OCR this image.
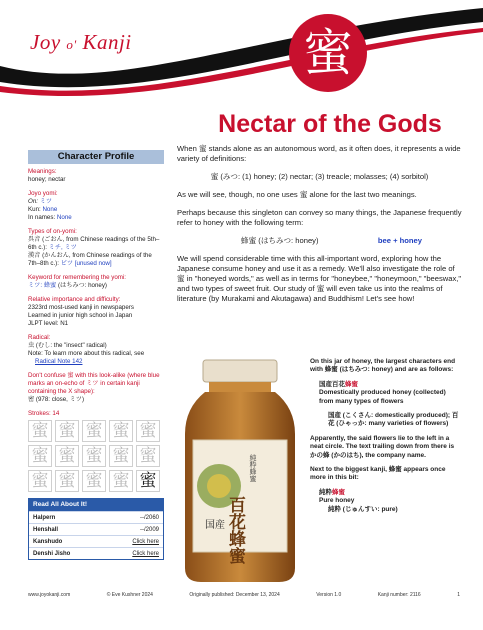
Joy o' Kanji	蜜
Nectar of the Gods
Character Profile
Meanings:
honey; nectar
Joyo yomi:
On: ミツ
Kun: None
In names: None
Types of on-yomi:
呉音 (ごおん, from Chinese readings of the 5th–6th c.): ミチ, ミツ
漢音 (かんおん, from Chinese readings of the 7th–8th c.): ビツ [unused now]
Keyword for remembering the yomi:
ミツ: 蜂蜜 (はちみつ: honey)
Relative importance and difficulty:
2323rd most-used kanji in newspapers
Learned in junior high school in Japan
JLPT level: N1
Radical:
虫 (むし: the "insect" radical)
Note: To learn more about this radical, see
Radical Note 142
Don't confuse 蜜 with this look-alike (where blue marks an on-echo of ミツ in certain kanji containing the X shape):
密 (978: close, ミツ)
Strokes: 14
蜜 蜜 蜜 蜜 蜜
蜜 蜜 蜜 蜜 蜜
蜜 蜜 蜜 蜜 蜜
Read All About It!
Halpern	--/2060
Henshall	--/2009
Kanshudo	Click here
Denshi Jisho	Click here

When 蜜 stands alone as an autonomous word, as it often does, it represents a wide variety of definitions:

蜜 (みつ: (1) honey; (2) nectar; (3) treacle; molasses; (4) sorbitol)

As we will see, though, no one uses 蜜 alone for the last two meanings.

Perhaps because this singleton can convey so many things, the Japanese frequently refer to honey with the following term:

蜂蜜 (はちみつ: honey)	bee + honey

We will spend considerable time with this all-important word, exploring how the Japanese consume honey and use it as a remedy. We'll also investigate the role of 蜜 in "honeyed words," as well as in terms for "honeybee," "honeymoon," "beeswax," and two types of sweet fruit. Our study of 蜜 will even take us into the realms of literature (by Murakami and Akutagawa) and Buddhism! Let's see how!

純粋蜂蜜
国産 百花蜂蜜

On this jar of honey, the largest characters end with 蜂蜜 (はちみつ: honey) and are as follows:

国産百花蜂蜜

Domestically produced honey (collected) from many types of flowers

国産 (こくさん: domestically produced); 百花 (ひゃっか: many varieties of flowers)

Apparently, the said flowers lie to the left in a neat circle. The text trailing down from there is かの蜂 (かのはち), the company name.

Next to the biggest kanji, 蜂蜜 appears once more in this bit:

純粋蜂蜜
Pure honey
純粋 (じゅんすい: pure)
www.joyokanji.com	© Eve Kushner 2024	Originally published: December 13, 2024	Version 1.0	Kanji number: 2116	1
